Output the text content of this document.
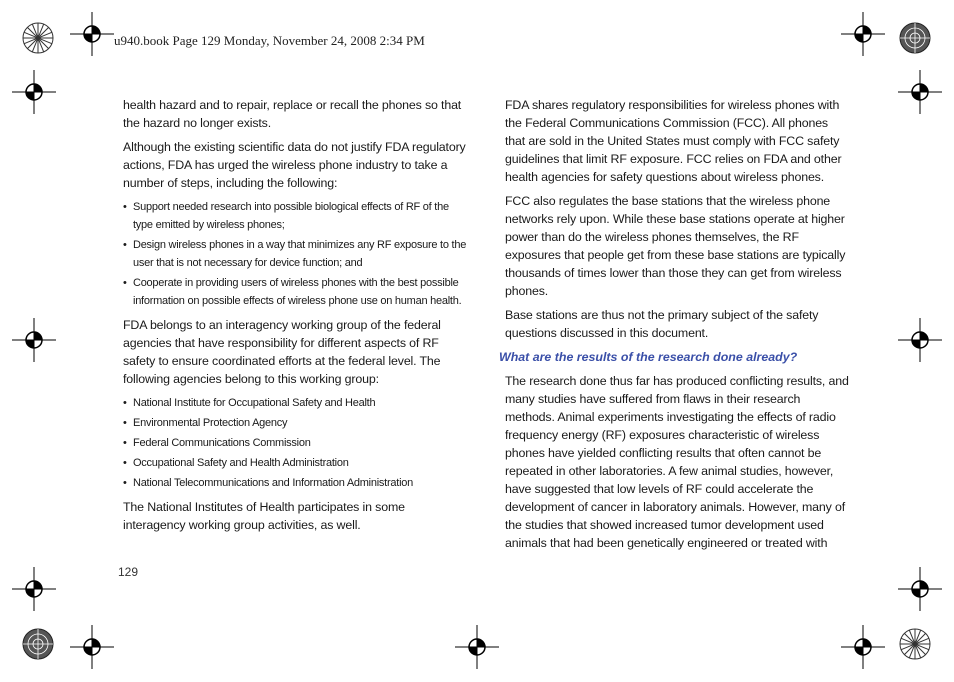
u940.book Page 129 Monday, November 24, 2008 2:34 PM

health hazard and to repair, replace or recall the phones so that the hazard no longer exists.

Although the existing scientific data do not justify FDA regulatory actions, FDA has urged the wireless phone industry to take a number of steps, including the following:

• Support needed research into possible biological effects of RF of the type emitted by wireless phones;
• Design wireless phones in a way that minimizes any RF exposure to the user that is not necessary for device function; and
• Cooperate in providing users of wireless phones with the best possible information on possible effects of wireless phone use on human health.

FDA belongs to an interagency working group of the federal agencies that have responsibility for different aspects of RF safety to ensure coordinated efforts at the federal level. The following agencies belong to this working group:

• National Institute for Occupational Safety and Health
• Environmental Protection Agency
• Federal Communications Commission
• Occupational Safety and Health Administration
• National Telecommunications and Information Administration

The National Institutes of Health participates in some interagency working group activities, as well.

FDA shares regulatory responsibilities for wireless phones with the Federal Communications Commission (FCC). All phones that are sold in the United States must comply with FCC safety guidelines that limit RF exposure. FCC relies on FDA and other health agencies for safety questions about wireless phones.

FCC also regulates the base stations that the wireless phone networks rely upon. While these base stations operate at higher power than do the wireless phones themselves, the RF exposures that people get from these base stations are typically thousands of times lower than those they can get from wireless phones.

Base stations are thus not the primary subject of the safety questions discussed in this document.

What are the results of the research done already?

The research done thus far has produced conflicting results, and many studies have suffered from flaws in their research methods. Animal experiments investigating the effects of radio frequency energy (RF) exposures characteristic of wireless phones have yielded conflicting results that often cannot be repeated in other laboratories. A few animal studies, however, have suggested that low levels of RF could accelerate the development of cancer in laboratory animals. However, many of the studies that showed increased tumor development used animals that had been genetically engineered or treated with

129
